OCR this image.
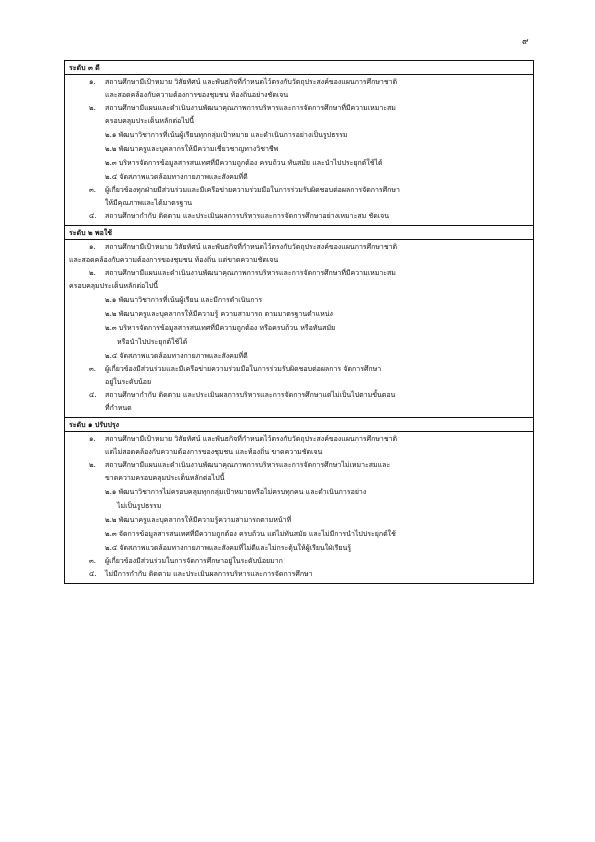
๙
ระดับ ๓ ดี
๑. สถานศึกษามีเป้าหมาย วิสัยทัศน์ และพันธกิจที่กำหนดไว้ตรงกับวัตถุประสงค์ของแผนการศึกษาชาติ
และสอดคล้องกับความต้องการของชุมชน ท้องถิ่นอย่างชัดเจน
๒. สถานศึกษามีแผนและดำเนินงานพัฒนาคุณภาพการบริหารและการจัดการศึกษาที่มีความเหมาะสม
ครอบคลุมประเด็นหลักต่อไปนี้
๒.๑ พัฒนาวิชาการที่เน้นผู้เรียนทุกกลุ่มเป้าหมาย และดำเนินการอย่างเป็นรูปธรรม
๒.๒ พัฒนาครูและบุคลากรให้มีความเชี่ยวชาญทางวิชาชีพ
๒.๓ บริหารจัดการข้อมูลสารสนเทศที่มีความถูกต้อง ครบถ้วน ทันสมัย และนำไปประยุกต์ใช้ได้
๒.๔ จัดสภาพแวดล้อมทางกายภาพและสังคมที่ดี
๓. ผู้เกี่ยวข้องทุกฝ่ายมีส่วนร่วมและมีเครือข่ายความร่วมมือในการร่วมรับผิดชอบต่อผลการจัดการศึกษา
ให้มีคุณภาพและได้มาตรฐาน
๔. สถานศึกษากำกับ ติดตาม และประเมินผลการบริหารและการจัดการศึกษาอย่างเหมาะสม ชัดเจน
ระดับ ๒ พอใช้
๑. สถานศึกษามีเป้าหมาย วิสัยทัศน์ และพันธกิจที่กำหนดไว้ตรงกับวัตถุประสงค์ของแผนการศึกษาชาติ
และสอดคล้องกับความต้องการของชุมชน ท้องถิ่น แต่ขาดความชัดเจน
๒. สถานศึกษามีแผนและดำเนินงานพัฒนาคุณภาพการบริหารและการจัดการศึกษาที่มีความเหมาะสม
ครอบคลุมประเด็นหลักต่อไปนี้
๒.๑ พัฒนาวิชาการที่เน้นผู้เรียน และมีการดำเนินการ
๒.๒ พัฒนาครูและบุคลากรให้มีความรู้ ความสามารถ ตามมาตรฐานตำแหน่ง
๒.๓ บริหารจัดการข้อมูลสารสนเทศที่มีความถูกต้อง หรือครบถ้วน หรือทันสมัย
หรือนำไปประยุกต์ใช้ได้
๒.๔ จัดสภาพแวดล้อมทางกายภาพและสังคมที่ดี
๓. ผู้เกี่ยวข้องมีส่วนร่วมและมีเครือข่ายความร่วมมือในการร่วมรับผิดชอบต่อผลการ จัดการศึกษา
อยู่ในระดับน้อย
๔. สถานศึกษากำกับ ติดตาม และประเมินผลการบริหารและการจัดการศึกษาแต่ไม่เป็นไปตามขั้นตอน
ที่กำหนด
ระดับ ๑ ปรับปรุง
๑. สถานศึกษามีเป้าหมาย วิสัยทัศน์ และพันธกิจที่กำหนดไว้ตรงกับวัตถุประสงค์ของแผนการศึกษาชาติ
แต่ไม่สอดคล้องกับความต้องการของชุมชน และท้องถิ่น ขาดความชัดเจน
๒. สถานศึกษามีแผนและดำเนินงานพัฒนาคุณภาพการบริหารและการจัดการศึกษาไม่เหมาะสมและ
ขาดความครอบคลุมประเด็นหลักต่อไปนี้
๒.๑ พัฒนาวิชาการไม่ครอบคลุมทุกกลุ่มเป้าหมายหรือไม่ครบทุกคน และดำเนินการอย่าง
ไม่เป็นรูปธรรม
๒.๒ พัฒนาครูและบุคลากรให้มีความรู้ความสามารถตามหน้าที่
๒.๓ จัดการข้อมูลสารสนเทศที่มีความถูกต้อง ครบถ้วน แต่ไม่ทันสมัย และไม่มีการนำไปประยุกต์ใช้
๒.๔ จัดสภาพแวดล้อมทางกายภาพและสังคมที่ไม่ดีและไม่กระตุ้นให้ผู้เรียนใฝ่เรียนรู้
๓. ผู้เกี่ยวข้องมีส่วนร่วมในการจัดการศึกษาอยู่ในระดับน้อยมาก
๔. ไม่มีการกำกับ ติดตาม และประเมินผลการบริหารและการจัดการศึกษา
